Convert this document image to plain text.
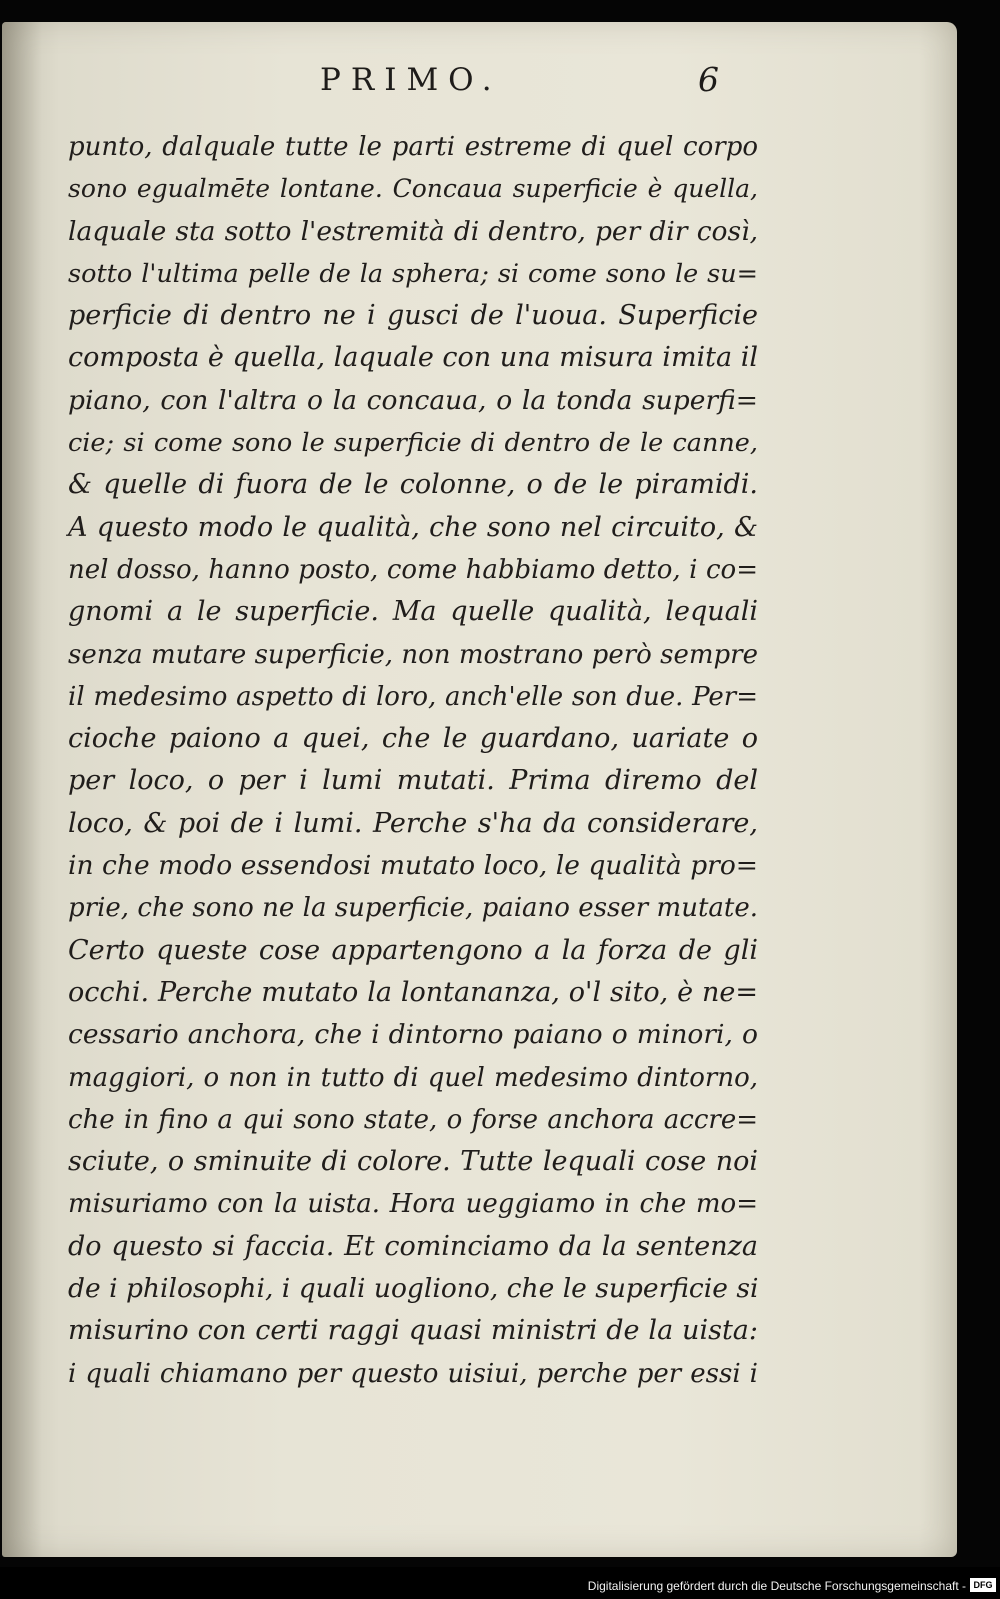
PRIMO.	6
punto, dalquale tutte le parti estreme di quel corpo
sono egualmēte lontane. Concaua superficie è quella,
laquale sta sotto l'estremità di dentro, per dir così,
sotto l'ultima pelle de la sphera; si come sono le su=
perficie di dentro ne i gusci de l'uoua. Superficie
composta è quella, laquale con una misura imita il
piano, con l'altra o la concaua, o la tonda superfi=
cie; si come sono le superficie di dentro de le canne,
& quelle di fuora de le colonne, o de le piramidi.
A questo modo le qualità, che sono nel circuito, &
nel dosso, hanno posto, come habbiamo detto, i co=
gnomi a le superficie. Ma quelle qualità, lequali
senza mutare superficie, non mostrano però sempre
il medesimo aspetto di loro, anch'elle son due. Per=
cioche paiono a quei, che le guardano, uariate o
per loco, o per i lumi mutati. Prima diremo del
loco, & poi de i lumi. Perche s'ha da considerare,
in che modo essendosi mutato loco, le qualità pro=
prie, che sono ne la superficie, paiano esser mutate.
Certo queste cose appartengono a la forza de gli
occhi. Perche mutato la lontananza, o'l sito, è ne=
cessario anchora, che i dintorno paiano o minori, o
maggiori, o non in tutto di quel medesimo dintorno,
che in fino a qui sono state, o forse anchora accre=
sciute, o sminuite di colore. Tutte lequali cose noi
misuriamo con la uista. Hora ueggiamo in che mo=
do questo si faccia. Et cominciamo da la sentenza
de i philosophi, i quali uogliono, che le superficie si
misurino con certi raggi quasi ministri de la uista:
i quali chiamano per questo uisiui, perche per essi i
Digitalisierung gefördert durch die Deutsche Forschungsgemeinschaft - DFG
